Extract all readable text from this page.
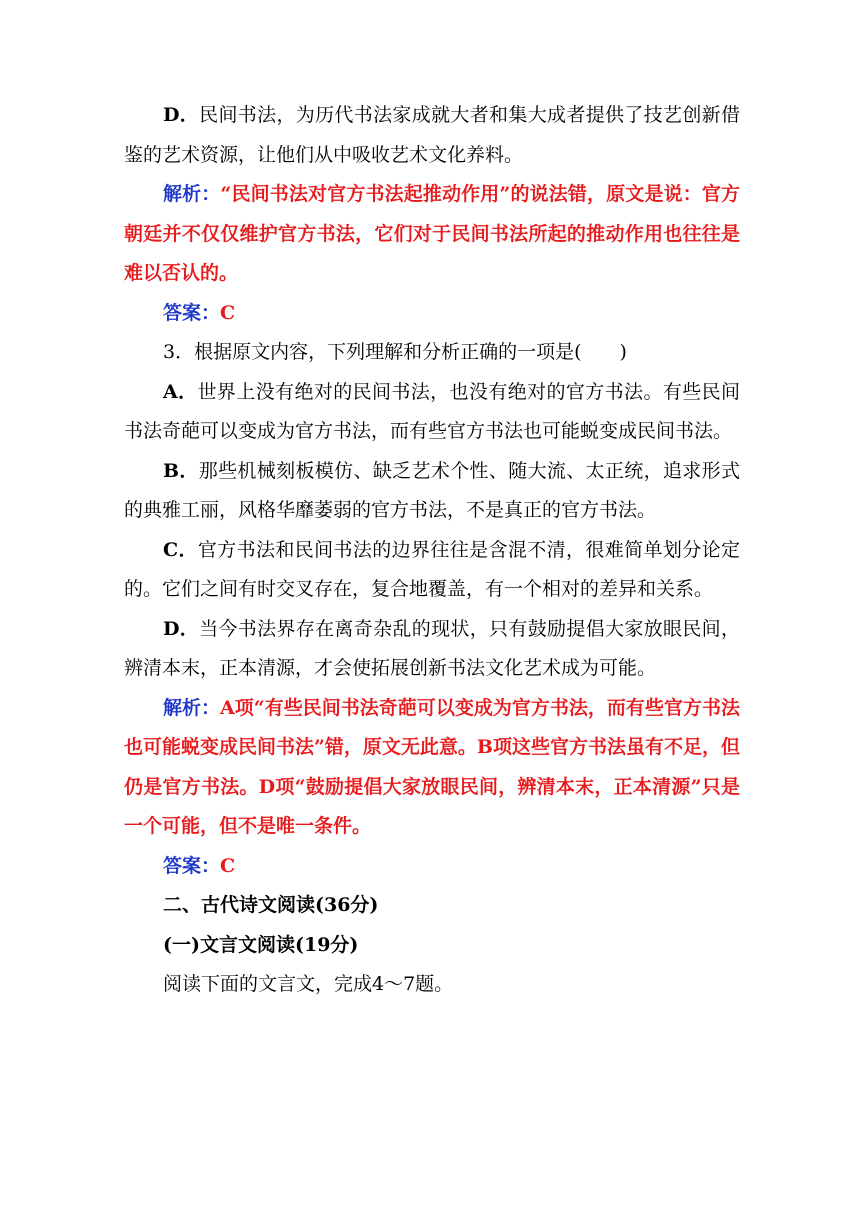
D．民间书法，为历代书法家成就大者和集大成者提供了技艺创新借鉴的艺术资源，让他们从中吸收艺术文化养料。

解析：“民间书法对官方书法起推动作用”的说法错，原文是说：官方朝廷并不仅仅维护官方书法，它们对于民间书法所起的推动作用也往往是难以否认的。

答案：C

3．根据原文内容，下列理解和分析正确的一项是(　　)

A．世界上没有绝对的民间书法，也没有绝对的官方书法。有些民间书法奇葩可以变成为官方书法，而有些官方书法也可能蜕变成民间书法。

B．那些机械刻板模仿、缺乏艺术个性、随大流、太正统，追求形式的典雅工丽，风格华靡萎弱的官方书法，不是真正的官方书法。

C．官方书法和民间书法的边界往往是含混不清，很难简单划分论定的。它们之间有时交叉存在，复合地覆盖，有一个相对的差异和关系。

D．当今书法界存在离奇杂乱的现状，只有鼓励提倡大家放眼民间，辨清本末，正本清源，才会使拓展创新书法文化艺术成为可能。

解析：A项“有些民间书法奇葩可以变成为官方书法，而有些官方书法也可能蜕变成民间书法”错，原文无此意。B项这些官方书法虽有不足，但仍是官方书法。D项“鼓励提倡大家放眼民间，辨清本末，正本清源”只是一个可能，但不是唯一条件。

答案：C

二、古代诗文阅读(36分)

(一)文言文阅读(19分)

阅读下面的文言文，完成4～7题。
